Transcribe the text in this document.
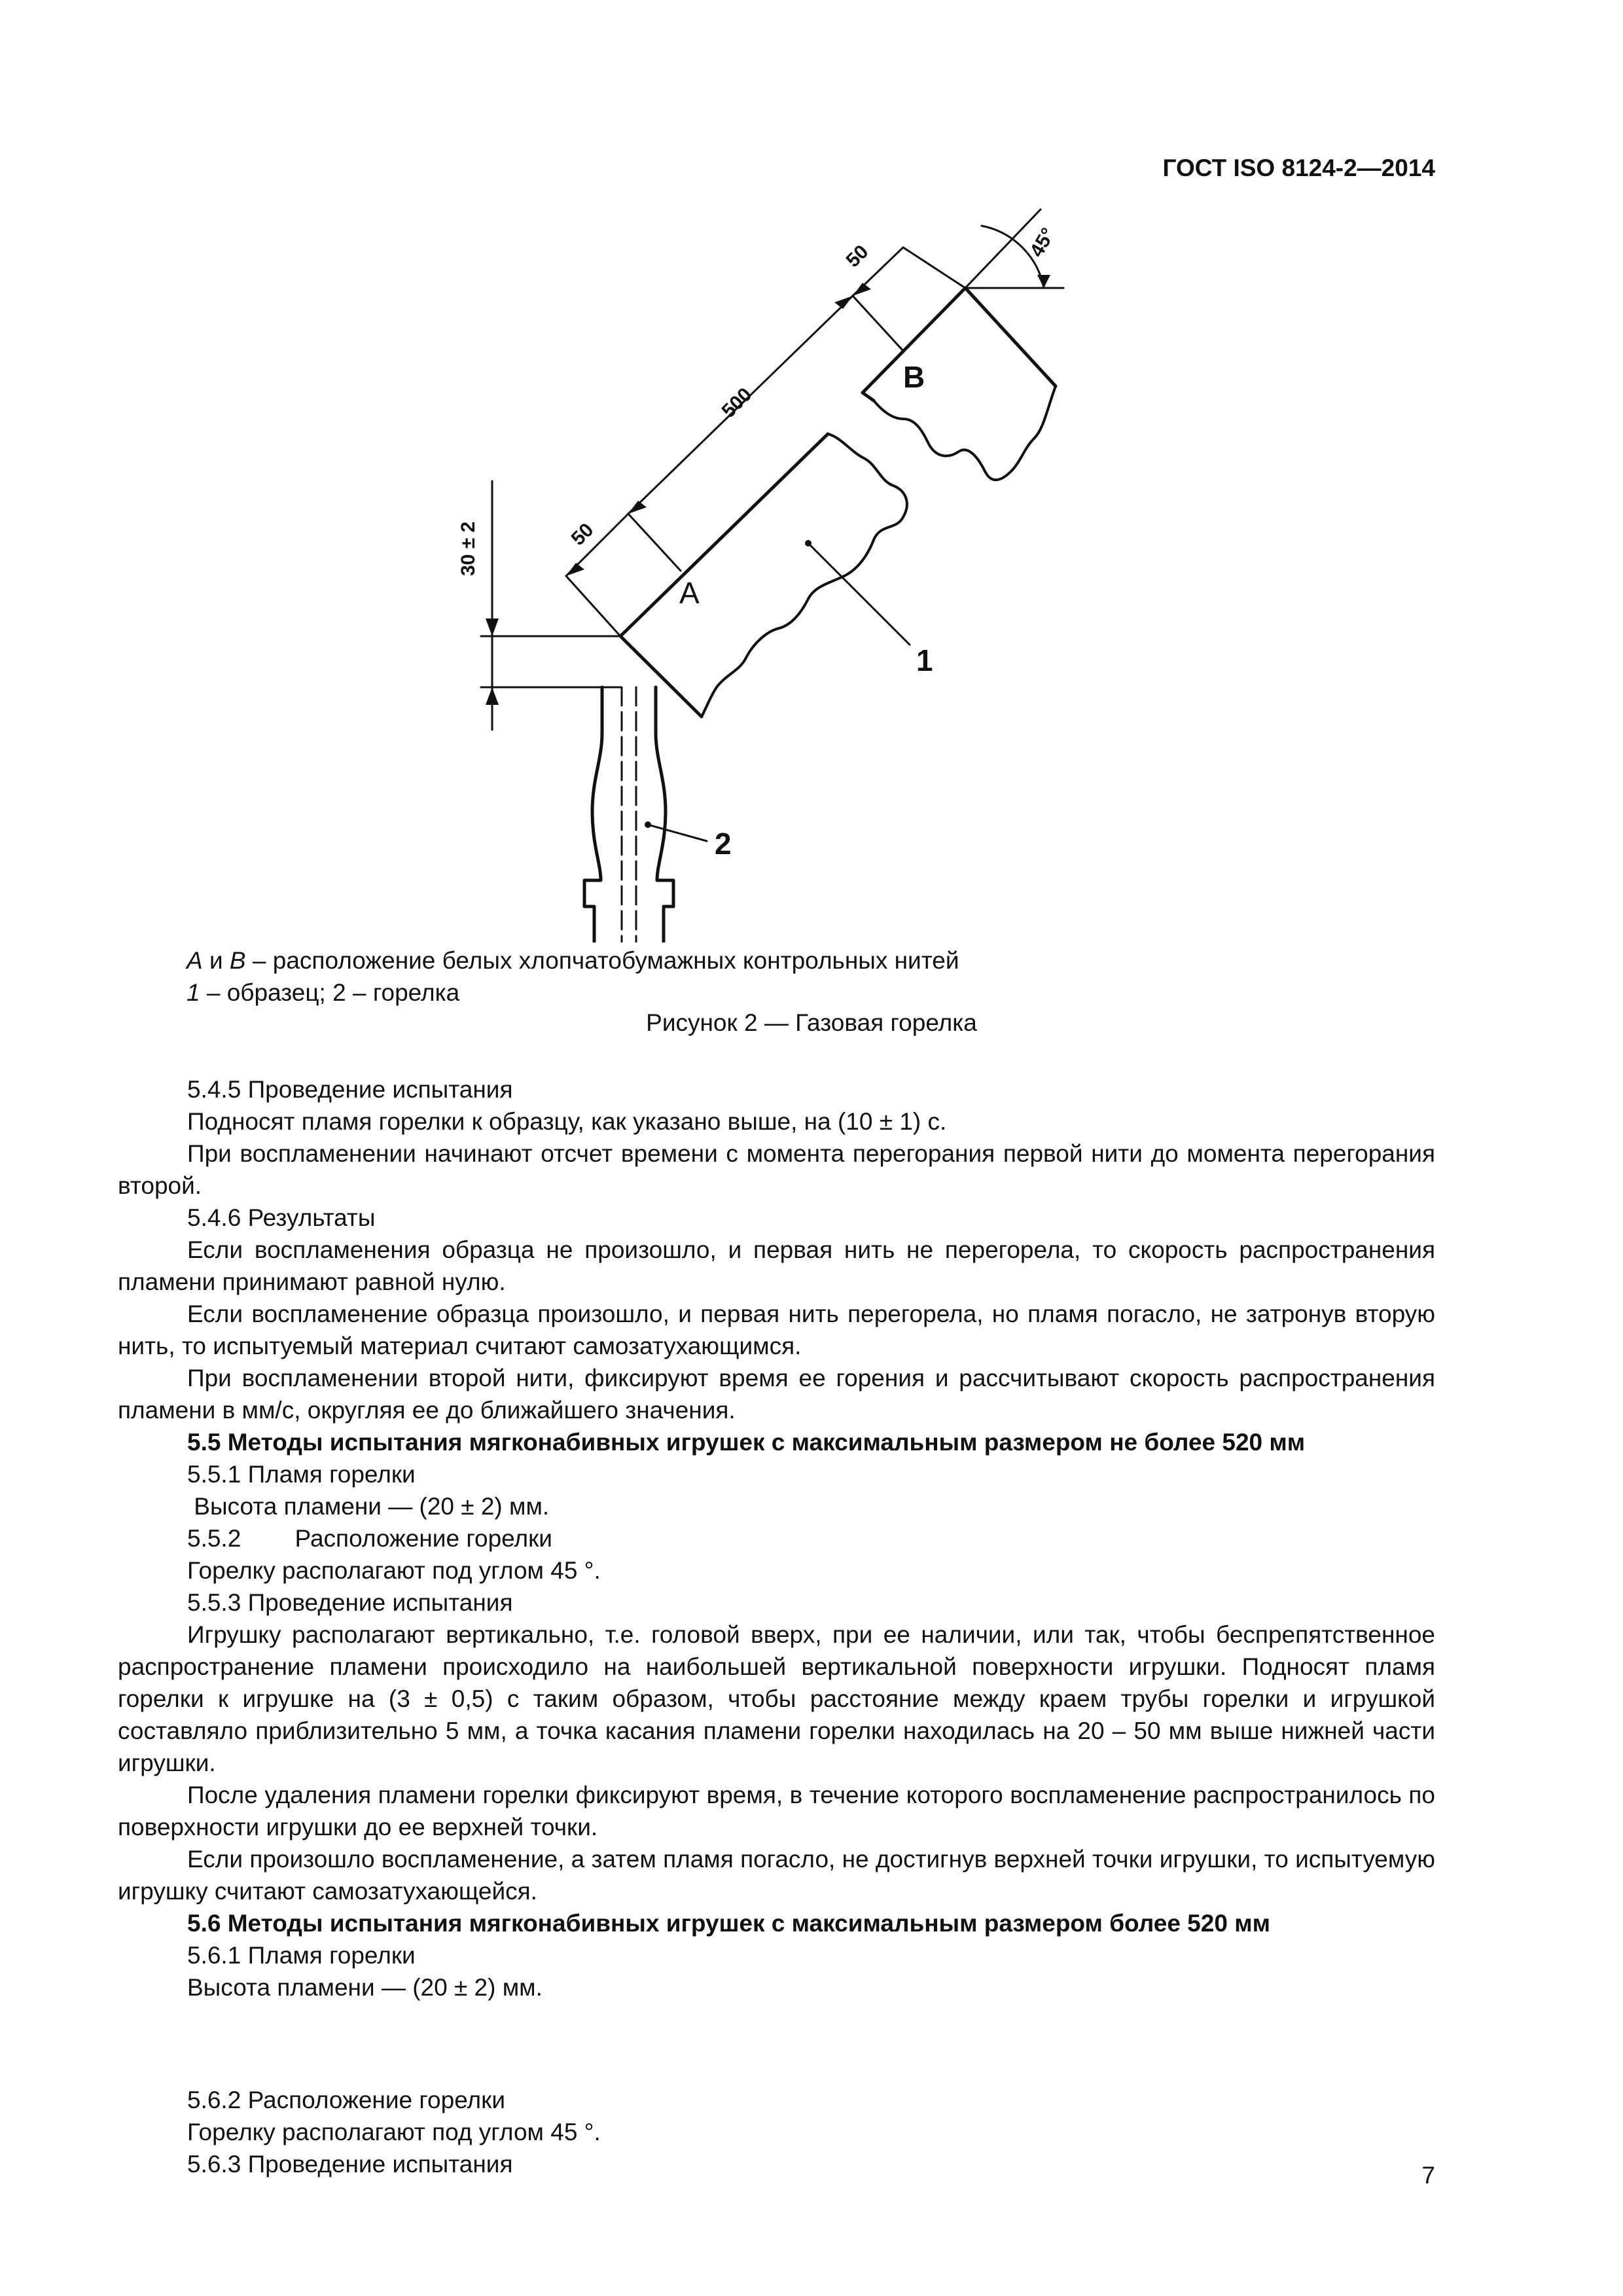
ГОСТ ISO 8124-2—2014
500
50
50
30 ± 2
45°
A
B
1
2
A и B – расположение белых хлопчатобумажных контрольных нитей
1 – образец; 2 – горелка
Рисунок 2 — Газовая горелка

5.4.5 Проведение испытания

Подносят пламя горелки к образцу, как указано выше, на (10 ± 1) с.

При воспламенении начинают отсчет времени с момента перегорания первой нити до момента перегорания второй.

5.4.6 Результаты

Если воспламенения образца не произошло, и первая нить не перегорела, то скорость распространения пламени принимают равной нулю.

Если воспламенение образца произошло, и первая нить перегорела, но пламя погасло, не затронув вторую нить, то испытуемый материал считают самозатухающимся.

При воспламенении второй нити, фиксируют время ее горения и рассчитывают скорость распространения пламени в мм/с, округляя ее до ближайшего значения.

5.5 Методы испытания мягконабивных игрушек с максимальным размером не более 520 мм

5.5.1 Пламя горелки

Высота пламени — (20 ± 2) мм.

5.5.2        Расположение горелки

Горелку располагают под углом 45 °.

5.5.3 Проведение испытания

Игрушку располагают вертикально, т.е. головой вверх, при ее наличии, или так, чтобы беспрепятственное распространение пламени происходило на наибольшей вертикальной поверхности игрушки. Подносят пламя горелки к игрушке на (3 ± 0,5) с таким образом, чтобы расстояние между краем трубы горелки и игрушкой составляло приблизительно 5 мм, а точка касания пламени горелки находилась на 20 – 50 мм выше нижней части игрушки.

После удаления пламени горелки фиксируют время, в течение которого воспламенение распространилось по поверхности игрушки до ее верхней точки.

Если произошло воспламенение, а затем пламя погасло, не достигнув верхней точки игрушки, то испытуемую игрушку считают самозатухающейся.

5.6 Методы испытания мягконабивных игрушек с максимальным размером более 520 мм

5.6.1 Пламя горелки

Высота пламени — (20 ± 2) мм.

5.6.2 Расположение горелки

Горелку располагают под углом 45 °.

5.6.3 Проведение испытания	7
